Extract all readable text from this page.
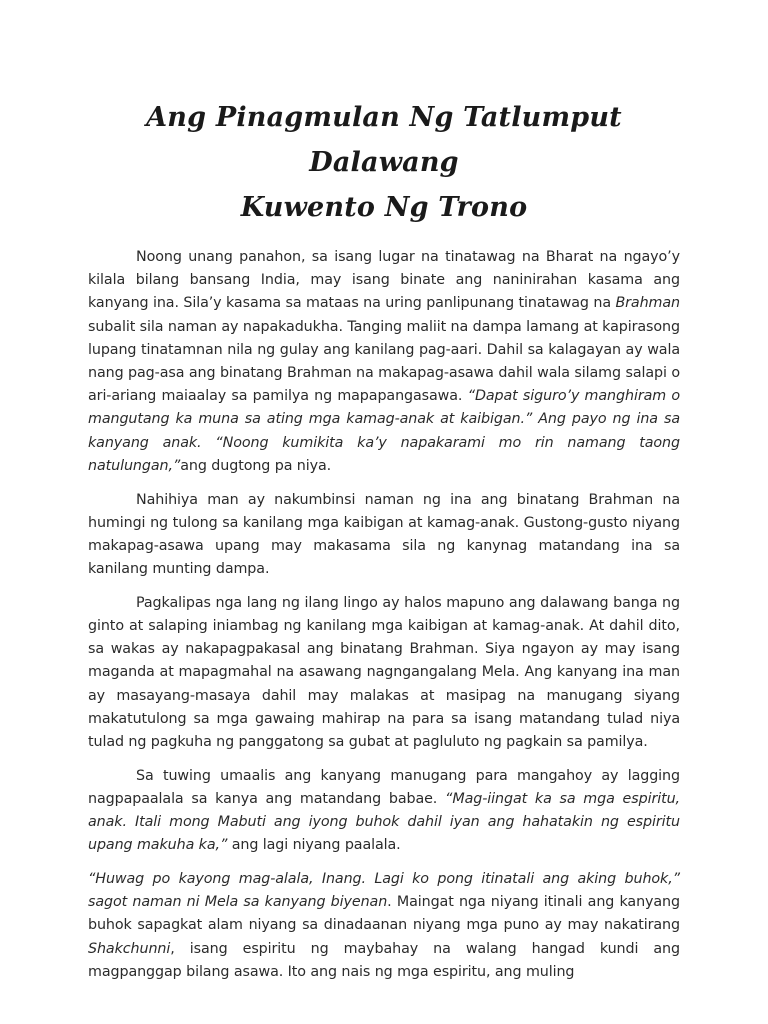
Ang Pinagmulan Ng Tatlumput Dalawang
Kuwento Ng Trono

Noong unang panahon, sa isang lugar na tinatawag na Bharat na ngayo’y kilala bilang bansang India, may isang binate ang naninirahan kasama ang kanyang ina. Sila’y kasama sa mataas na uring panlipunang tinatawag na Brahman subalit sila naman ay napakadukha. Tanging maliit na dampa lamang at kapirasong lupang tinatamnan nila ng gulay ang kanilang pag-aari. Dahil sa kalagayan ay wala nang pag-asa ang binatang Brahman na makapag-asawa dahil wala silamg salapi o ari-ariang maiaalay sa pamilya ng mapapangasawa. “Dapat siguro’y manghiram o mangutang ka muna sa ating mga kamag-anak at kaibigan.” Ang payo ng ina sa kanyang anak. “Noong kumikita ka’y napakarami mo rin namang taong natulungan,”ang dugtong pa niya.

Nahihiya man ay nakumbinsi naman ng ina ang binatang Brahman na humingi ng tulong sa kanilang mga kaibigan at kamag-anak. Gustong-gusto niyang makapag-asawa upang may makasama sila ng kanynag matandang ina sa kanilang munting dampa.

Pagkalipas nga lang ng ilang lingo ay halos mapuno ang dalawang banga ng ginto at salaping iniambag ng kanilang mga kaibigan at kamag-anak. At dahil dito, sa wakas ay nakapagpakasal ang binatang Brahman. Siya ngayon ay may isang maganda at mapagmahal na asawang nagngangalang Mela. Ang kanyang ina man ay masayang-masaya dahil may malakas at masipag na manugang siyang makatutulong sa mga gawaing mahirap na para sa isang matandang tulad niya tulad ng pagkuha ng panggatong sa gubat at pagluluto ng pagkain sa pamilya.

Sa tuwing umaalis ang kanyang manugang para mangahoy ay lagging nagpapaalala sa kanya ang matandang babae. “Mag-iingat ka sa mga espiritu, anak. Itali mong Mabuti ang iyong buhok dahil iyan ang hahatakin ng espiritu upang makuha ka,” ang lagi niyang paalala.

“Huwag po kayong mag-alala, Inang. Lagi ko pong itinatali ang aking buhok,” sagot naman ni Mela sa kanyang biyenan. Maingat nga niyang itinali ang kanyang buhok sapagkat alam niyang sa dinadaanan niyang mga puno ay may nakatirang Shakchunni, isang espiritu ng maybahay na walang hangad kundi ang magpanggap bilang asawa. Ito ang nais ng mga espiritu, ang muling
